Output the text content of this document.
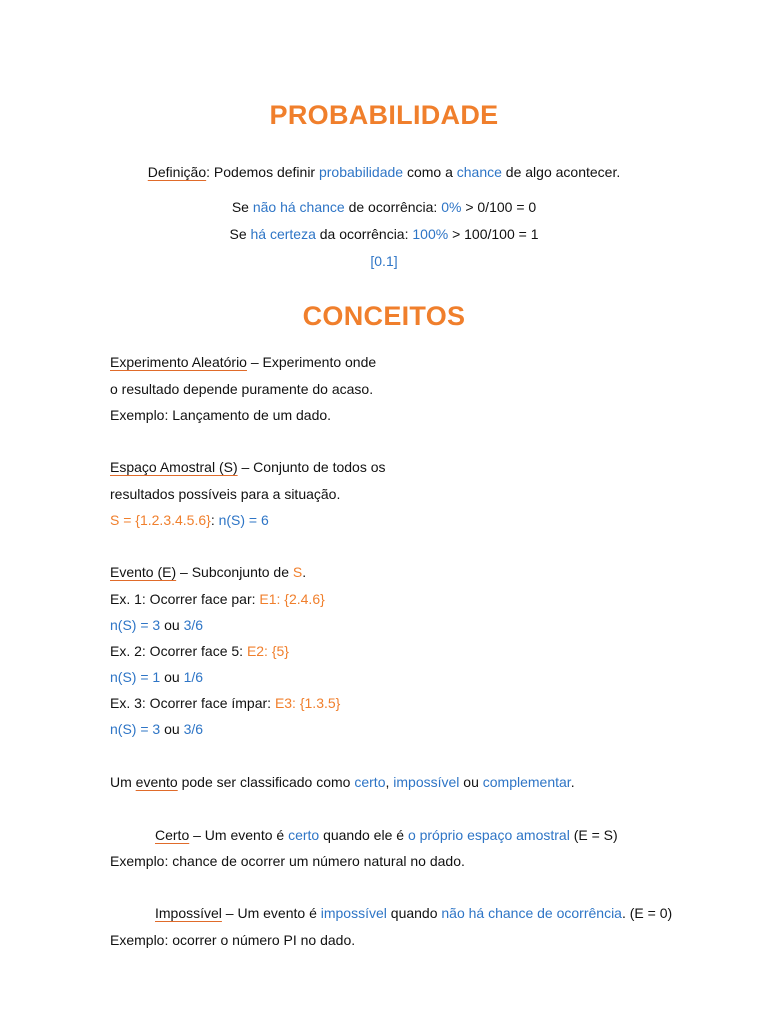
PROBABILIDADE
Definição: Podemos definir probabilidade como a chance de algo acontecer.
Se não há chance de ocorrência: 0% > 0/100 = 0
Se há certeza da ocorrência: 100% > 100/100 = 1
[0.1]
CONCEITOS
Experimento Aleatório – Experimento onde
o resultado depende puramente do acaso.
Exemplo: Lançamento de um dado.
Espaço Amostral (S) – Conjunto de todos os
resultados possíveis para a situação.
S = {1.2.3.4.5.6}: n(S) = 6
Evento (E) – Subconjunto de S.
Ex. 1: Ocorrer face par: E1: {2.4.6}
n(S) = 3 ou 3/6
Ex. 2: Ocorrer face 5: E2: {5}
n(S) = 1 ou 1/6
Ex. 3: Ocorrer face ímpar: E3: {1.3.5}
n(S) = 3 ou 3/6
Um evento pode ser classificado como certo, impossível ou complementar.
Certo – Um evento é certo quando ele é o próprio espaço amostral (E = S)
Exemplo: chance de ocorrer um número natural no dado.
Impossível – Um evento é impossível quando não há chance de ocorrência. (E = 0)
Exemplo: ocorrer o número PI no dado.
